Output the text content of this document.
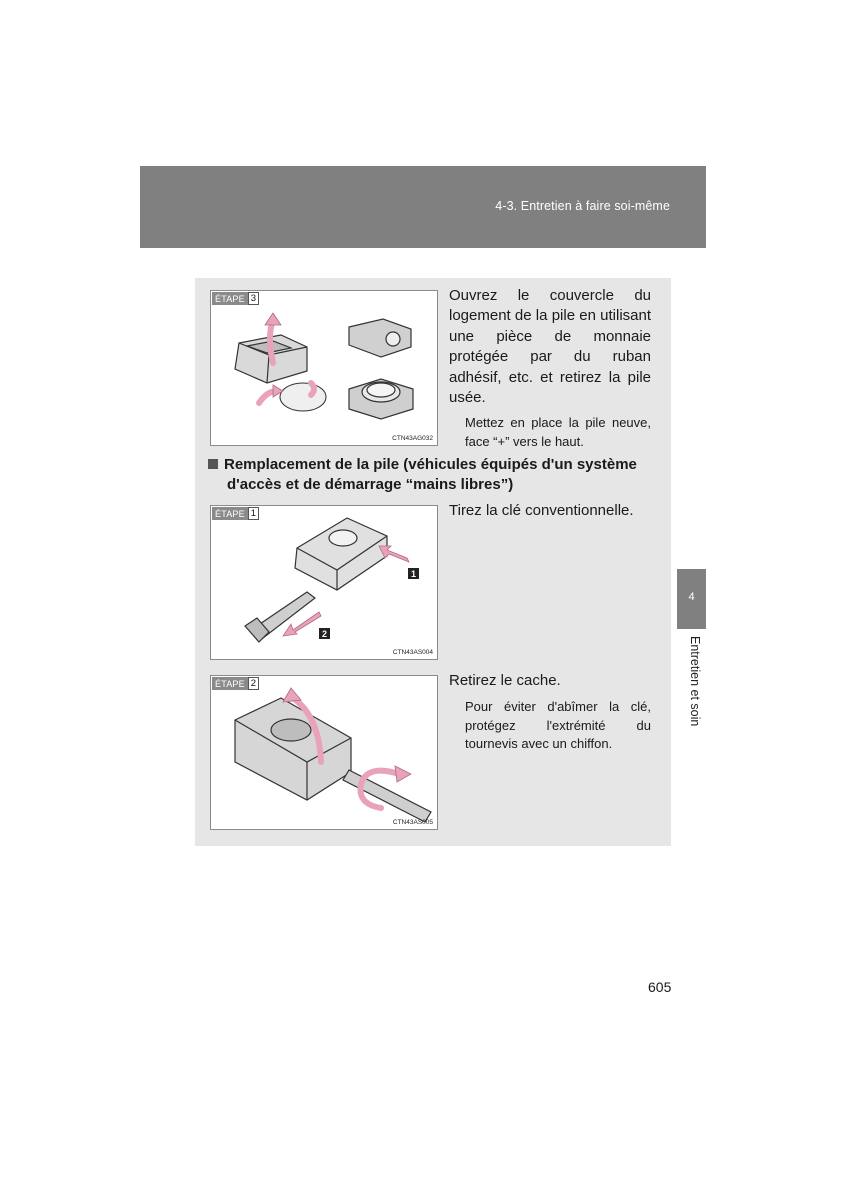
4-3. Entretien à faire soi-même
4
Entretien et soin
ÉTAPE 3
CTN43AG032
Ouvrez le couvercle du logement de la pile en utilisant une pièce de monnaie protégée par du ruban adhésif, etc. et retirez la pile usée.
Mettez en place la pile neuve, face “+” vers le haut.
Remplacement de la pile (véhicules équipés d'un système
d'accès et de démarrage “mains libres”)
ÉTAPE 1
1
2
CTN43AS004
Tirez la clé conventionnelle.
ÉTAPE 2
CTN43AS005
Retirez le cache.
Pour éviter d'abîmer la clé, protégez l'extrémité du tournevis avec un chiffon.
605
